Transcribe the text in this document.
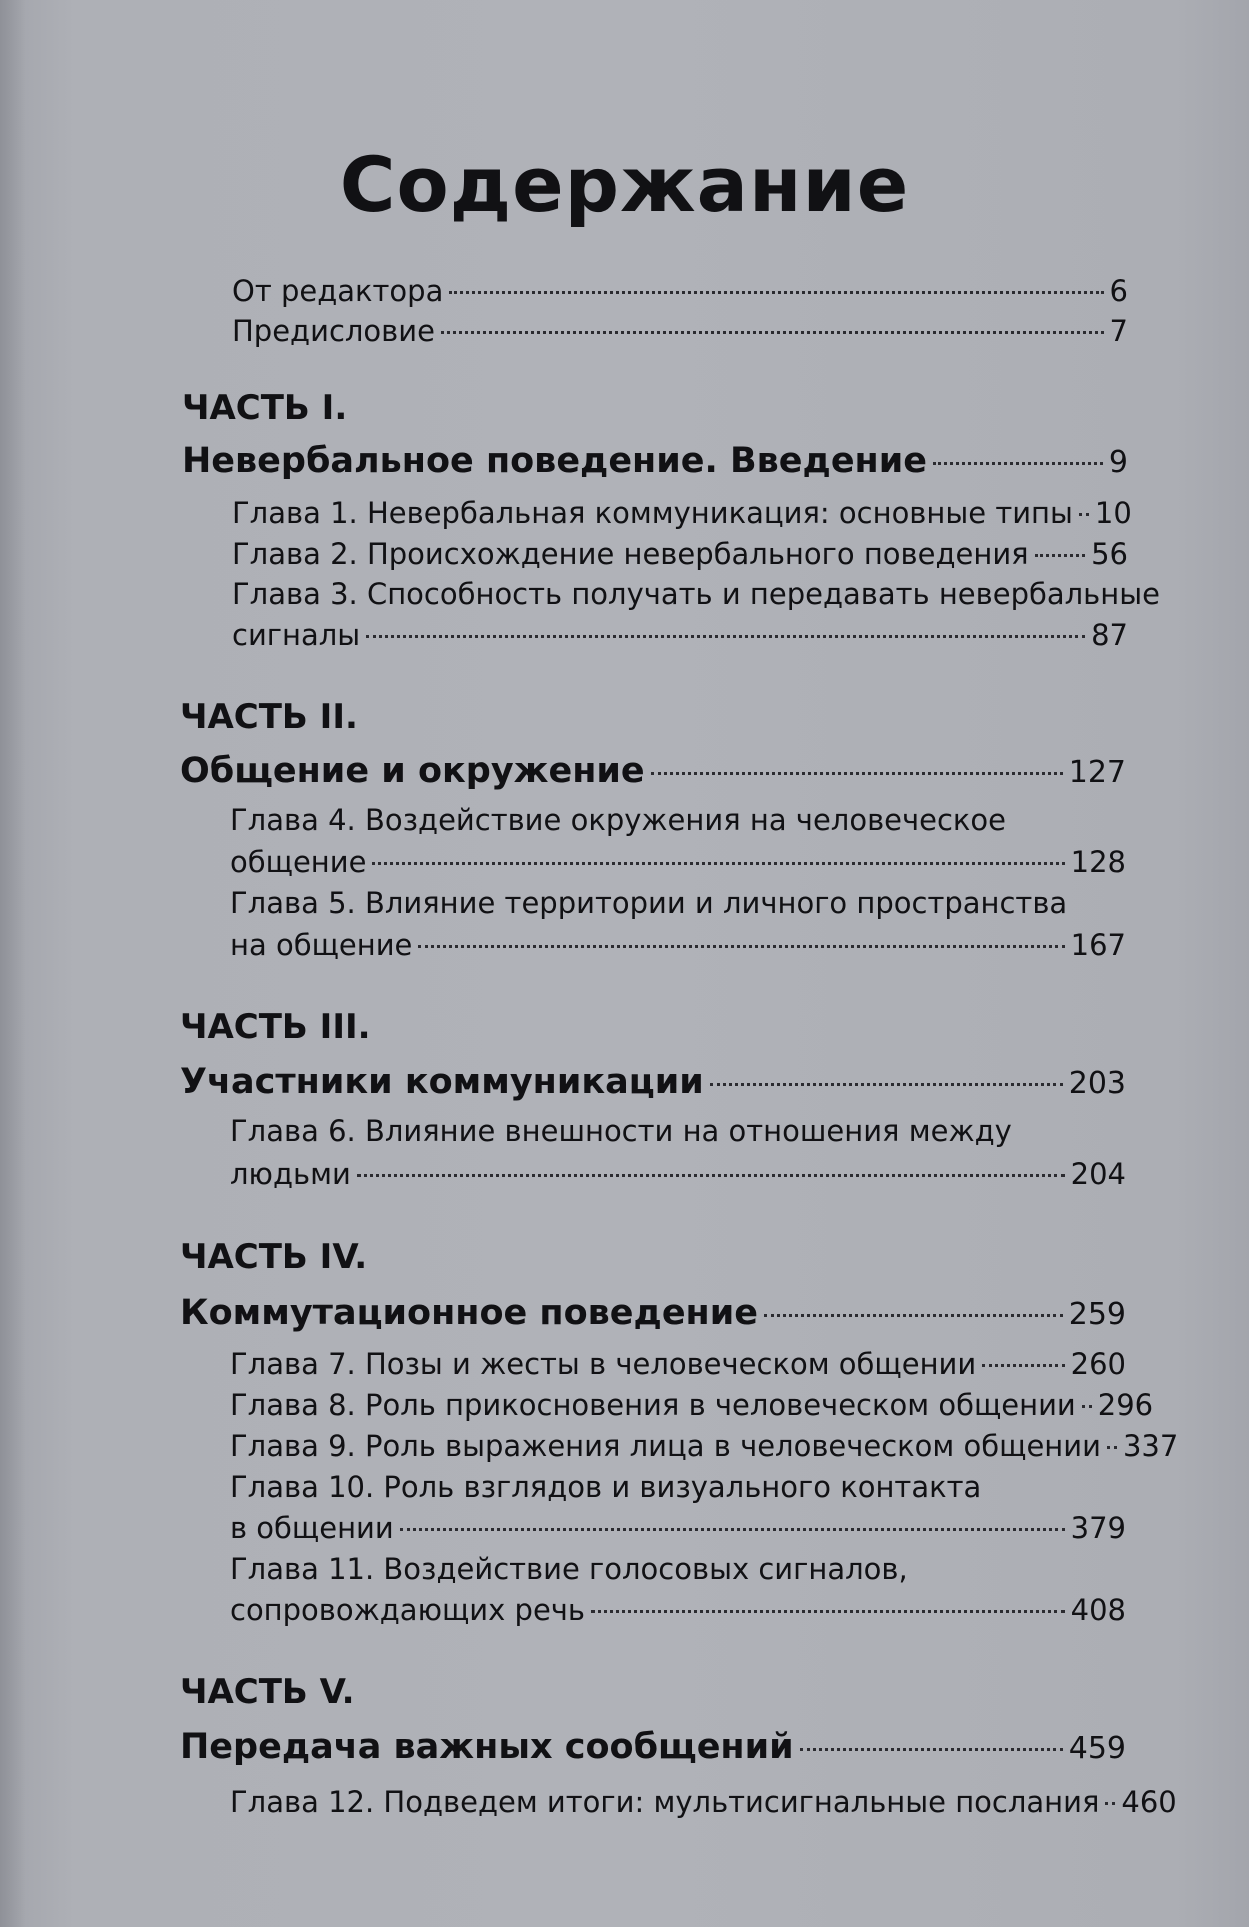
Содержание
От редактора	6
Предисловие	7
ЧАСТЬ I.
Невербальное поведение. Введение	9
Глава 1. Невербальная коммуникация: основные типы 10
Глава 2. Происхождение невербального поведения 56
Глава 3. Способность получать и передавать невербальные
сигналы	87
ЧАСТЬ II.
Общение и окружение	127
Глава 4. Воздействие окружения на человеческое
общение	128
Глава 5. Влияние территории и личного пространства
на общение	167
ЧАСТЬ III.
Участники коммуникации	203
Глава 6. Влияние внешности на отношения между
людьми	204
ЧАСТЬ IV.
Коммутационное поведение	259
Глава 7. Позы и жесты в человеческом общении	260
Глава 8. Роль прикосновения в человеческом общении 296
Глава 9. Роль выражения лица в человеческом общении 337
Глава 10. Роль взглядов и визуального контакта
в общении	379
Глава 11. Воздействие голосовых сигналов,
сопровождающих речь	408
ЧАСТЬ V.
Передача важных сообщений	459
Глава 12. Подведем итоги: мультисигнальные послания 460
